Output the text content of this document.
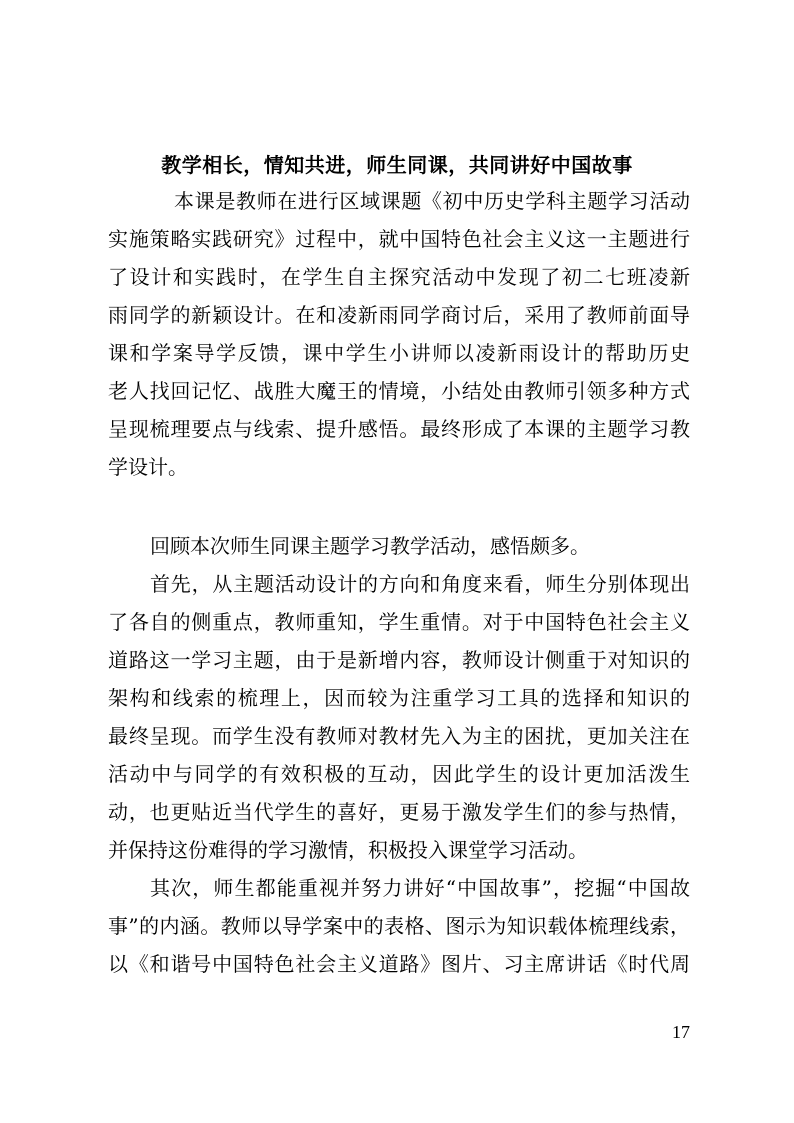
教学相长，情知共进，师生同课，共同讲好中国故事
本课是教师在进行区域课题《初中历史学科主题学习活动
实施策略实践研究》过程中，就中国特色社会主义这一主题进行
了设计和实践时，在学生自主探究活动中发现了初二七班凌新
雨同学的新颖设计。在和凌新雨同学商讨后，采用了教师前面导
课和学案导学反馈，课中学生小讲师以凌新雨设计的帮助历史
老人找回记忆、战胜大魔王的情境，小结处由教师引领多种方式
呈现梳理要点与线索、提升感悟。最终形成了本课的主题学习教
学设计。
回顾本次师生同课主题学习教学活动，感悟颇多。
首先，从主题活动设计的方向和角度来看，师生分别体现出
了各自的侧重点，教师重知，学生重情。对于中国特色社会主义
道路这一学习主题，由于是新增内容，教师设计侧重于对知识的
架构和线索的梳理上，因而较为注重学习工具的选择和知识的
最终呈现。而学生没有教师对教材先入为主的困扰，更加关注在
活动中与同学的有效积极的互动，因此学生的设计更加活泼生
动，也更贴近当代学生的喜好，更易于激发学生们的参与热情，
并保持这份难得的学习激情，积极投入课堂学习活动。
其次，师生都能重视并努力讲好“中国故事”，挖掘“中国故
事”的内涵。教师以导学案中的表格、图示为知识载体梳理线索，
以《和谐号中国特色社会主义道路》图片、习主席讲话《时代周
17
